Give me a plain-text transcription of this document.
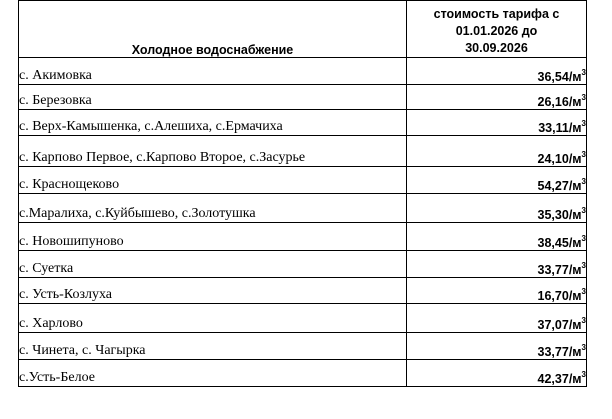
Холодное водоснабжение	стоимость тарифа с
01.01.2026 до
30.09.2026

с. Акимовка	$36,54/м^3$
с. Березовка	$26,16/м^3$
с. Верх-Камышенка, с.Алешиха, с.Ермачиха	$33,11/м^3$
с. Карпово Первое, с.Карпово Второе, с.Засурье	$24,10/м^3$
с. Краснощеково	$54,27/м^3$
с.Маралиха, с.Куйбышево, с.Золотушка	$35,30/м^3$
с. Новошипуново	$38,45/м^3$
с. Суетка	$33,77/м^3$
с. Усть-Козлуха	$16,70/м^3$
с. Харлово	$37,07/м^3$
с. Чинета, с. Чагырка	$33,77/м^3$
с.Усть-Белое	$42,37/м^3$
